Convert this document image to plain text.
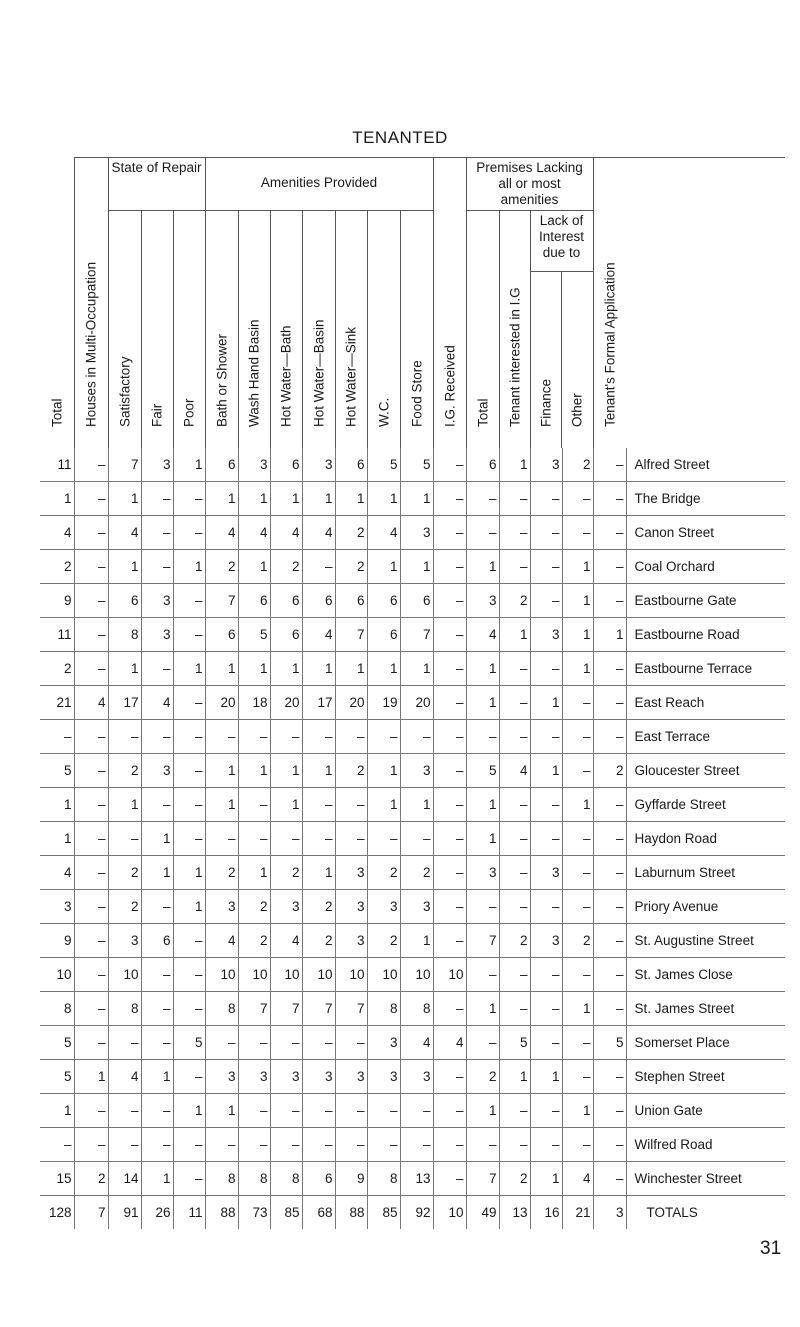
TENANTED
Total	Houses in Multi-Occupation	State of Repair			Amenities Provided							I.G. Received	Premises Lacking all or most amenities				Tenant's Formal Application	

		Satisfactory	Fair	Poor	Bath or Shower	Wash Hand Basin	Hot Water—Bath	Hot Water—Basin	Hot Water—Sink	W.C.	Food Store		Total	Tenant interested in I.G	Lack of Interest due to
Finance Other			

11	–	7	3	1	6	3	6	3	6	5	5	–	6	1	3	2	–	Alfred Street
1	–	1	–	–	1	1	1	1	1	1	1	–	–	–	–	–	–	The Bridge
4	–	4	–	–	4	4	4	4	2	4	3	–	–	–	–	–	–	Canon Street
2	–	1	–	1	2	1	2	–	2	1	1	–	1	–	–	1	–	Coal Orchard
9	–	6	3	–	7	6	6	6	6	6	6	–	3	2	–	1	–	Eastbourne Gate
11	–	8	3	–	6	5	6	4	7	6	7	–	4	1	3	1	1	Eastbourne Road
2	–	1	–	1	1	1	1	1	1	1	1	–	1	–	–	1	–	Eastbourne Terrace
21	4	17	4	–	20	18	20	17	20	19	20	–	1	–	1	–	–	East Reach
–	–	–	–	–	–	–	–	–	–	–	–	–	–	–	–	–	–	East Terrace
5	–	2	3	–	1	1	1	1	2	1	3	–	5	4	1	–	2	Gloucester Street
1	–	1	–	–	1	–	1	–	–	1	1	–	1	–	–	1	–	Gyffarde Street
1	–	–	1	–	–	–	–	–	–	–	–	–	1	–	–	–	–	Haydon Road
4	–	2	1	1	2	1	2	1	3	2	2	–	3	–	3	–	–	Laburnum Street
3	–	2	–	1	3	2	3	2	3	3	3	–	–	–	–	–	–	Priory Avenue
9	–	3	6	–	4	2	4	2	3	2	1	–	7	2	3	2	–	St. Augustine Street
10	–	10	–	–	10	10	10	10	10	10	10	10	–	–	–	–	–	St. James Close
8	–	8	–	–	8	7	7	7	7	8	8	–	1	–	–	1	–	St. James Street
5	–	–	–	5	–	–	–	–	–	3	4	4	–	5	–	–	5	Somerset Place
5	1	4	1	–	3	3	3	3	3	3	3	–	2	1	1	–	–	Stephen Street
1	–	–	–	1	1	–	–	–	–	–	–	–	1	–	–	1	–	Union Gate
–	–	–	–	–	–	–	–	–	–	–	–	–	–	–	–	–	–	Wilfred Road
15	2	14	1	–	8	8	8	6	9	8	13	–	7	2	1	4	–	Winchester Street
128	7	91	26	11	88	73	85	68	88	85	92	10	49	13	16	21	3	TOTALS
31
